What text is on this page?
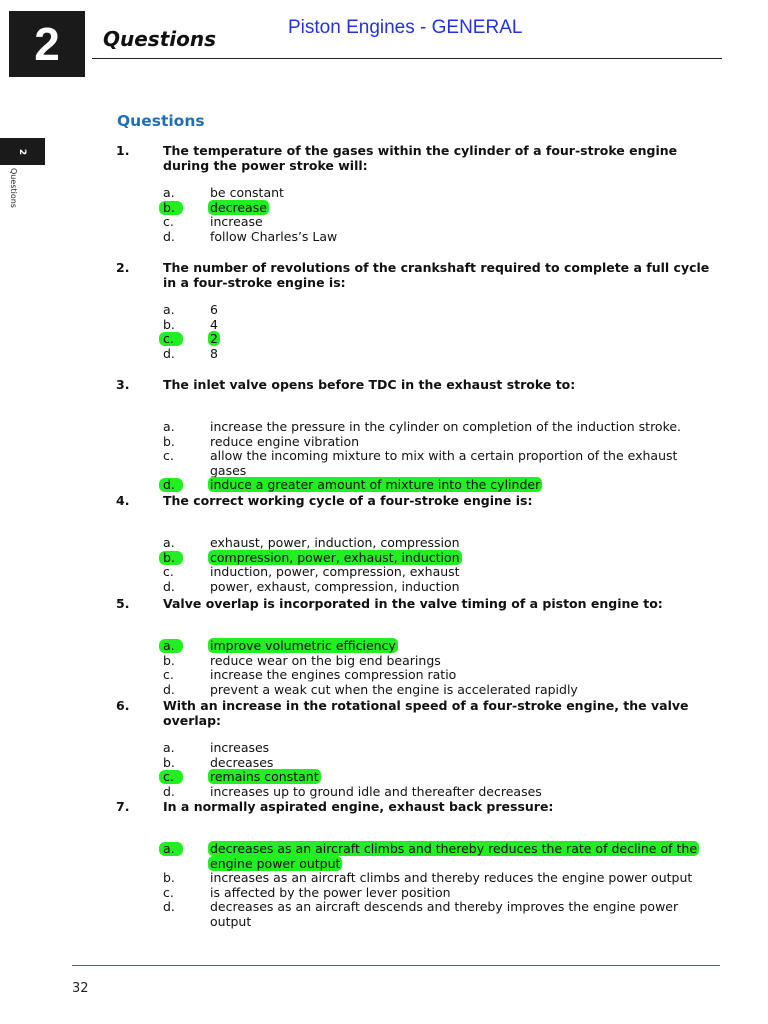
2 Questions	Piston Engines - GENERAL
2
Questions
Questions
1.	The temperature of the gases within the cylinder of a four-stroke engine during the power stroke will:
a.	be constant
b.	decrease
c.	increase
d.	follow Charles’s Law
2.	The number of revolutions of the crankshaft required to complete a full cycle in a four-stroke engine is:
a.	6
b.	4
c.	2
d.	8
3.	The inlet valve opens before TDC in the exhaust stroke to:
a.	increase the pressure in the cylinder on completion of the induction stroke.
b.	reduce engine vibration
c.	allow the incoming mixture to mix with a certain proportion of the exhaust gases
d.	induce a greater amount of mixture into the cylinder
4.	The correct working cycle of a four-stroke engine is:
a.	exhaust, power, induction, compression
b.	compression, power, exhaust, induction
c.	induction, power, compression, exhaust
d.	power, exhaust, compression, induction
5.	Valve overlap is incorporated in the valve timing of a piston engine to:
a.	improve volumetric efficiency
b.	reduce wear on the big end bearings
c.	increase the engines compression ratio
d.	prevent a weak cut when the engine is accelerated rapidly
6.	With an increase in the rotational speed of a four-stroke engine, the valve overlap:
a.	increases
b.	decreases
c.	remains constant
d.	increases up to ground idle and thereafter decreases
7.	In a normally aspirated engine, exhaust back pressure:
a.	decreases as an aircraft climbs and thereby reduces the rate of decline of the engine power output
b.	increases as an aircraft climbs and thereby reduces the engine power output
c.	is affected by the power lever position
d.	decreases as an aircraft descends and thereby improves the engine power output
32
